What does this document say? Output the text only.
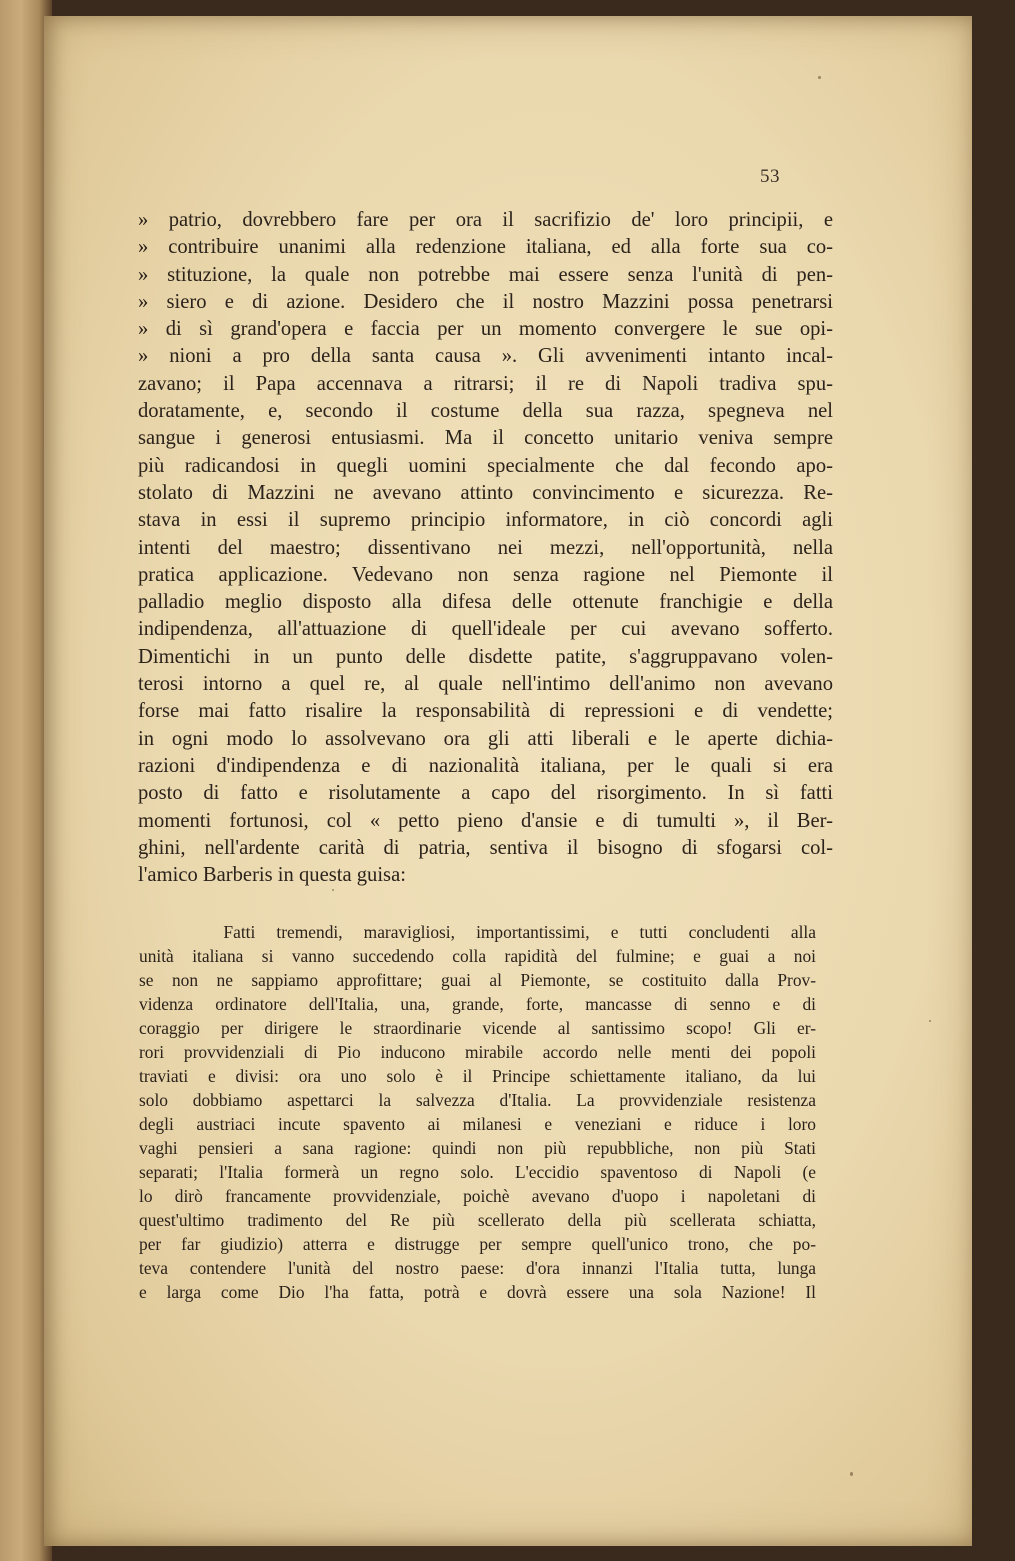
53
» patrio, dovrebbero fare per ora il sacrifizio de' loro principii, e
» contribuire unanimi alla redenzione italiana, ed alla forte sua co-
» stituzione, la quale non potrebbe mai essere senza l'unità di pen-
» siero e di azione. Desidero che il nostro Mazzini possa penetrarsi
» di sì grand'opera e faccia per un momento convergere le sue opi-
» nioni a pro della santa causa ». Gli avvenimenti intanto incal-
zavano; il Papa accennava a ritrarsi; il re di Napoli tradiva spu-
doratamente, e, secondo il costume della sua razza, spegneva nel
sangue i generosi entusiasmi. Ma il concetto unitario veniva sempre
più radicandosi in quegli uomini specialmente che dal fecondo apo-
stolato di Mazzini ne avevano attinto convincimento e sicurezza. Re-
stava in essi il supremo principio informatore, in ciò concordi agli
intenti del maestro; dissentivano nei mezzi, nell'opportunità, nella
pratica applicazione. Vedevano non senza ragione nel Piemonte il
palladio meglio disposto alla difesa delle ottenute franchigie e della
indipendenza, all'attuazione di quell'ideale per cui avevano sofferto.
Dimentichi in un punto delle disdette patite, s'aggruppavano volen-
terosi intorno a quel re, al quale nell'intimo dell'animo non avevano
forse mai fatto risalire la responsabilità di repressioni e di vendette;
in ogni modo lo assolvevano ora gli atti liberali e le aperte dichia-
razioni d'indipendenza e di nazionalità italiana, per le quali si era
posto di fatto e risolutamente a capo del risorgimento. In sì fatti
momenti fortunosi, col « petto pieno d'ansie e di tumulti », il Ber-
ghini, nell'ardente carità di patria, sentiva il bisogno di sfogarsi col-
l'amico Barberis in questa guisa:
Fatti tremendi, maravigliosi, importantissimi, e tutti concludenti alla
unità italiana si vanno succedendo colla rapidità del fulmine; e guai a noi
se non ne sappiamo approfittare; guai al Piemonte, se costituito dalla Prov-
videnza ordinatore dell'Italia, una, grande, forte, mancasse di senno e di
coraggio per dirigere le straordinarie vicende al santissimo scopo! Gli er-
rori provvidenziali di Pio inducono mirabile accordo nelle menti dei popoli
traviati e divisi: ora uno solo è il Principe schiettamente italiano, da lui
solo dobbiamo aspettarci la salvezza d'Italia. La provvidenziale resistenza
degli austriaci incute spavento ai milanesi e veneziani e riduce i loro
vaghi pensieri a sana ragione: quindi non più repubbliche, non più Stati
separati; l'Italia formerà un regno solo. L'eccidio spaventoso di Napoli (e
lo dirò francamente provvidenziale, poichè avevano d'uopo i napoletani di
quest'ultimo tradimento del Re più scellerato della più scellerata schiatta,
per far giudizio) atterra e distrugge per sempre quell'unico trono, che po-
teva contendere l'unità del nostro paese: d'ora innanzi l'Italia tutta, lunga
e larga come Dio l'ha fatta, potrà e dovrà essere una sola Nazione! Il
